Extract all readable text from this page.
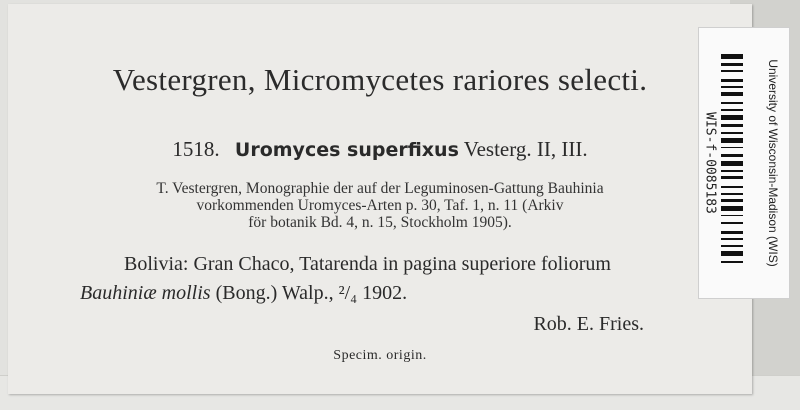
Vestergren, Micromycetes rariores selecti.
1518. Uromyces superfixus Vesterg. II, III.
T. Vestergren, Monographie der auf der Leguminosen-Gattung Bauhinia
vorkommenden Uromyces-Arten p. 30, Taf. 1, n. 11 (Arkiv
för botanik Bd. 4, n. 15, Stockholm 1905).
Bolivia: Gran Chaco, Tatarenda in pagina superiore foliorum
Bauhiniæ mollis (Bong.) Walp., ²/₄ 1902.
Rob. E. Fries.
Specim. origin.
WIS-f-0085183	University of Wisconsin-Madison (WIS)
